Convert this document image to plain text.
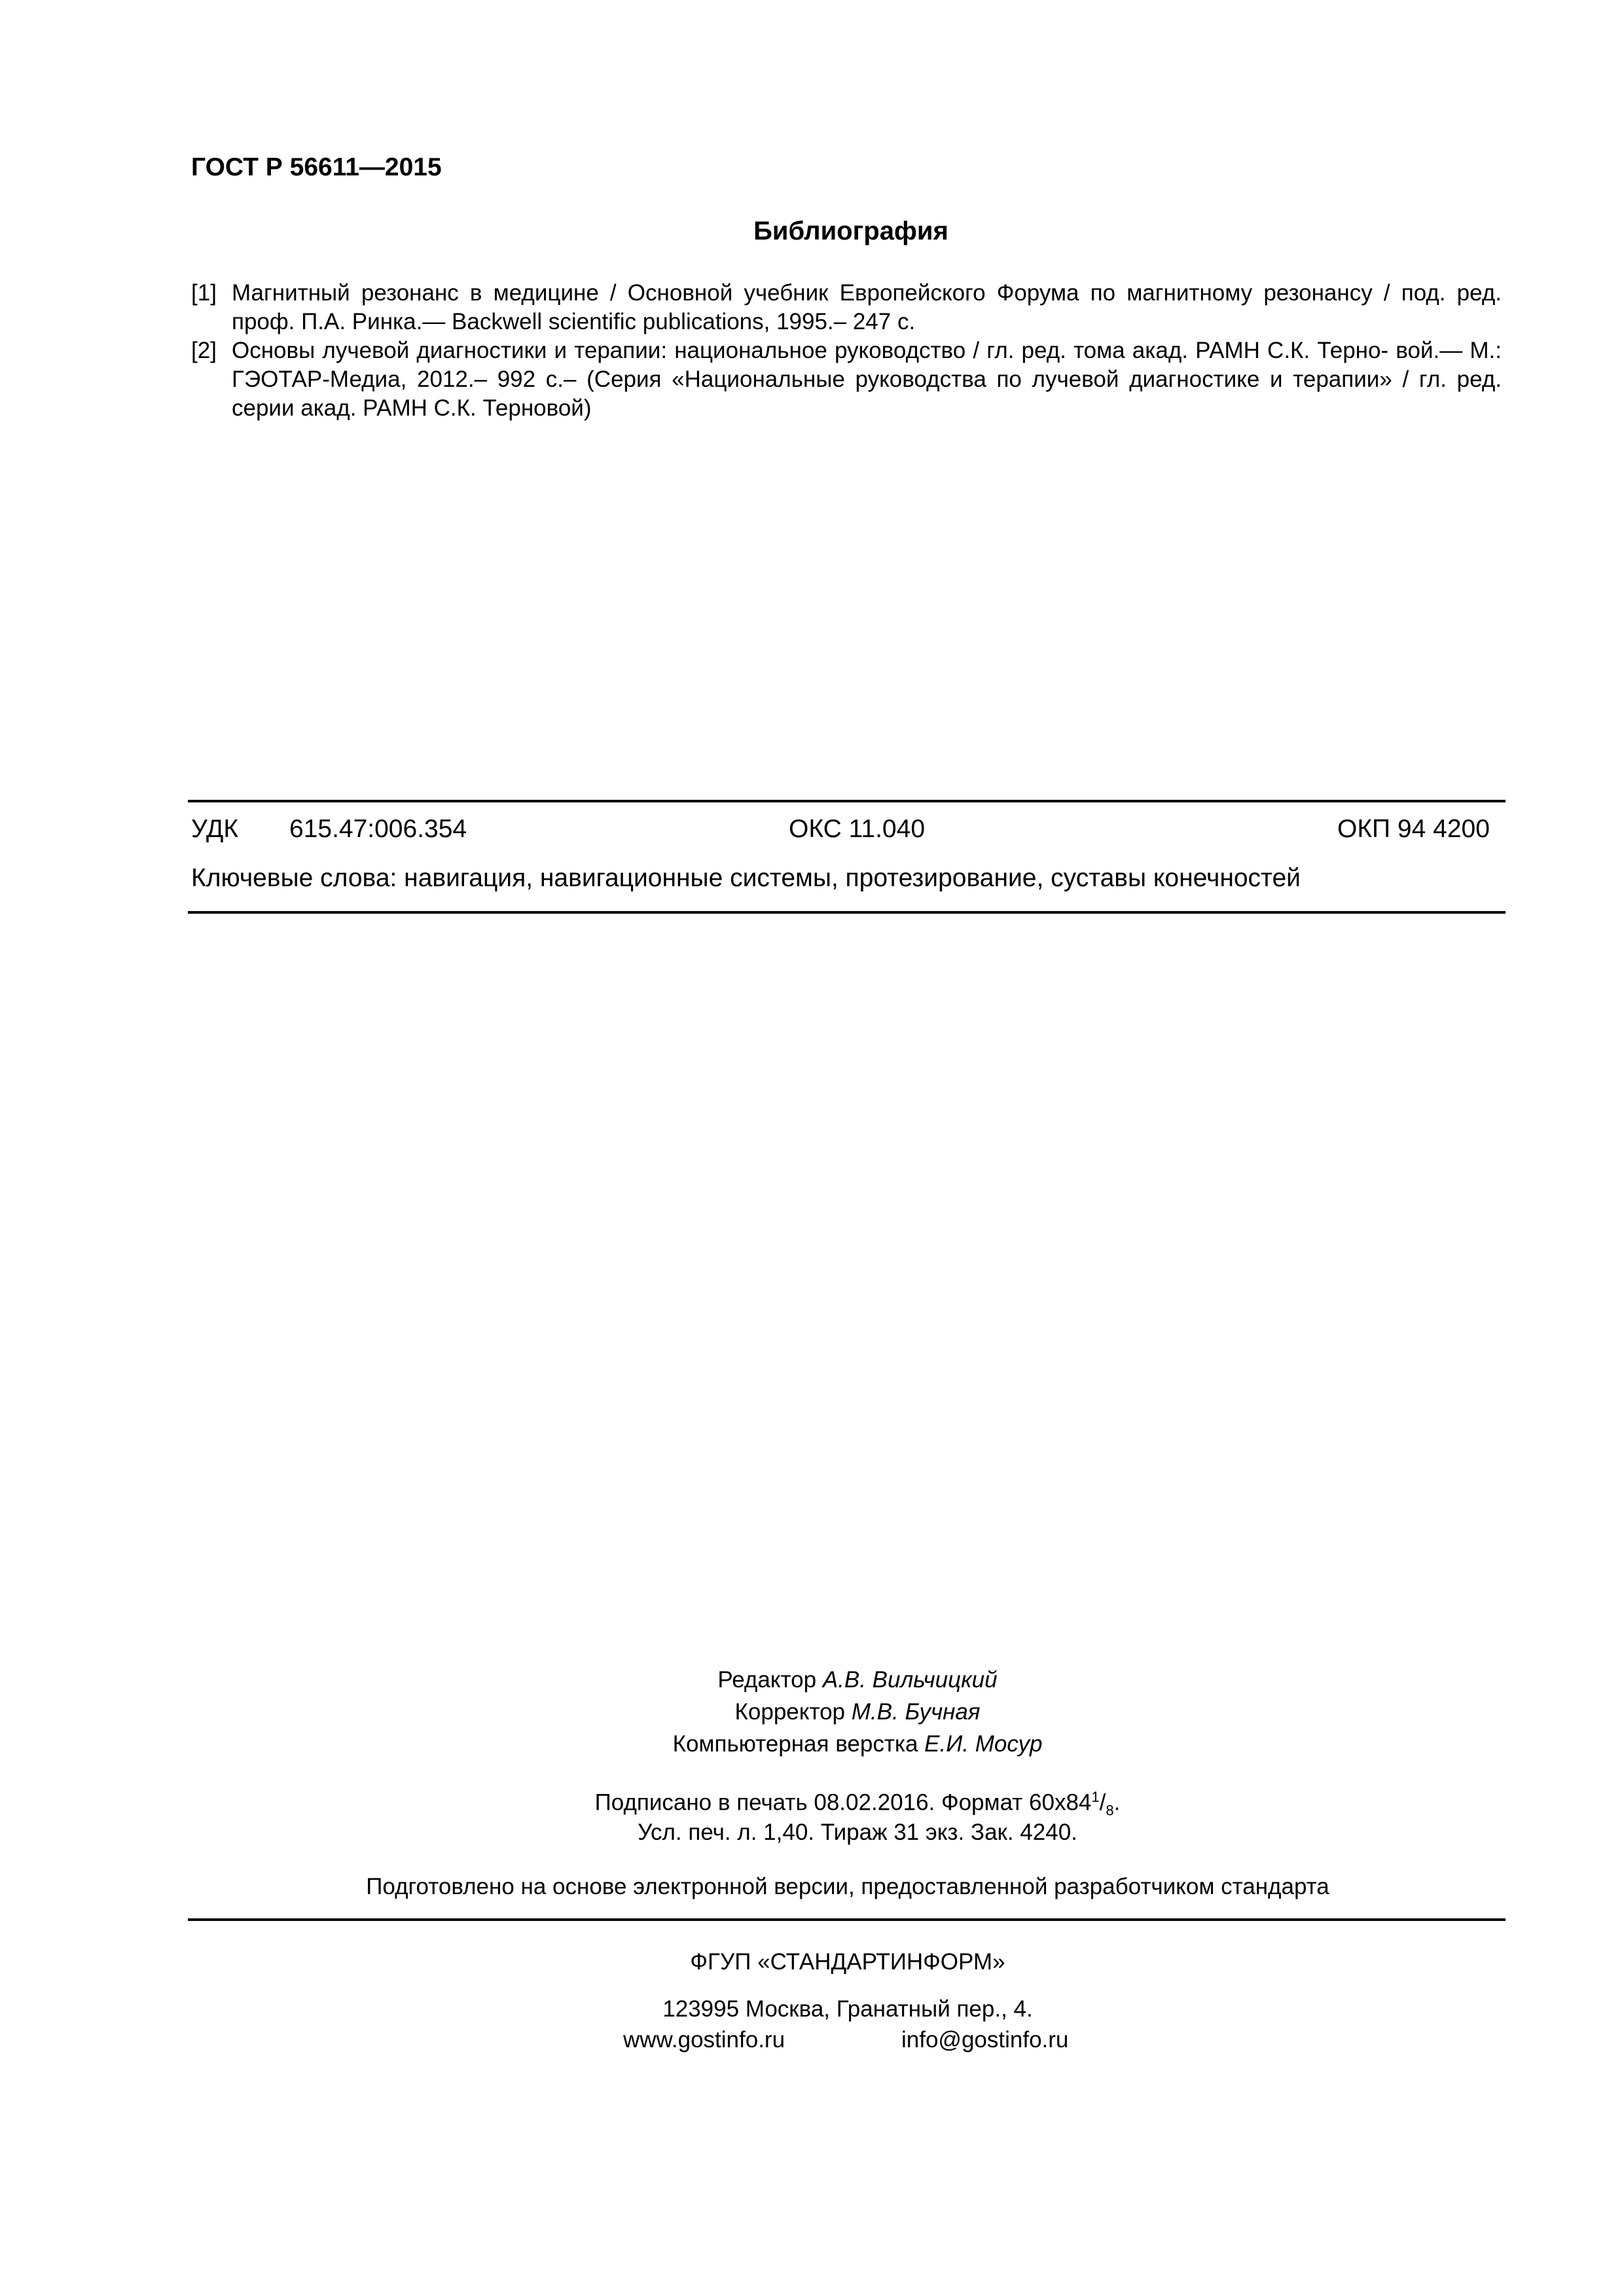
ГОСТ Р 56611—2015
Библиография
[1] Магнитный резонанс в медицине / Основной учебник Европейского Форума по магнитному резонансу / под. ред. проф. П.А. Ринка.— Backwell scientific publications, 1995.– 247 с.
[2] Основы лучевой диагностики и терапии: национальное руководство / гл. ред. тома акад. РАМН С.К. Терно- вой.— М.: ГЭОТАР-Медиа, 2012.– 992 с.– (Серия «Национальные руководства по лучевой диагностике и терапии» / гл. ред. серии акад. РАМН С.К. Терновой)
УДК 615.47:006.354	ОКС 11.040	ОКП 94 4200
Ключевые слова: навигация, навигационные системы, протезирование, суставы конечностей
Редактор А.В. Вильчицкий
Корректор М.В. Бучная
Компьютерная верстка Е.И. Мосур
Подписано в печать 08.02.2016. Формат $60х84^1/_8$.
Усл. печ. л. 1,40. Тираж 31 экз. Зак. 4240.
Подготовлено на основе электронной версии, предоставленной разработчиком стандарта
ФГУП «СТАНДАРТИНФОРМ»
123995 Москва, Гранатный пер., 4.
www.gostinfo.ru	info@gostinfo.ru
